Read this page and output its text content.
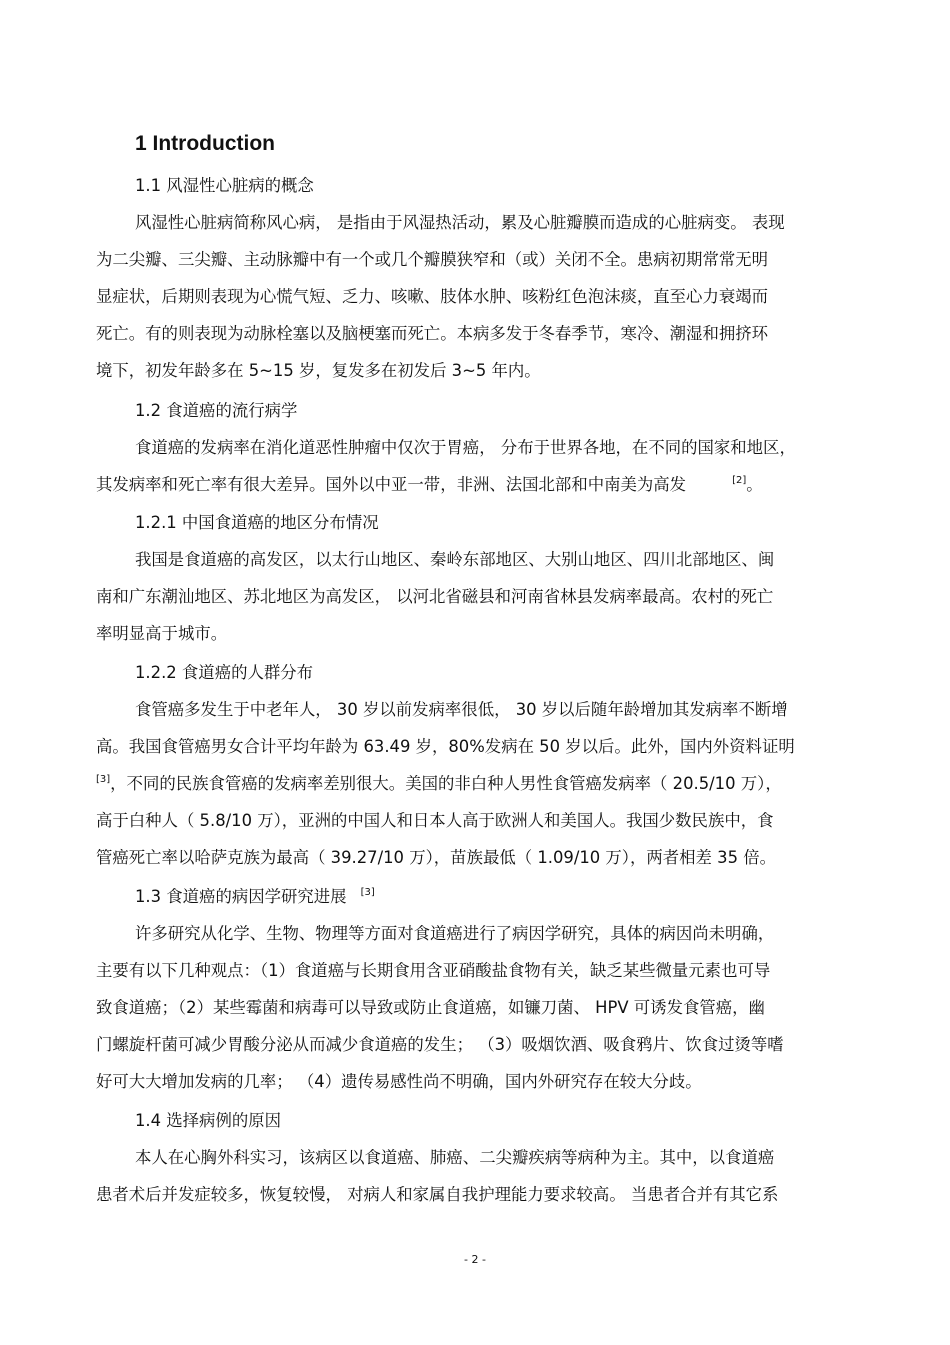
1 Introduction
1.1 风湿性心脏病的概念
风湿性心脏病简称风心病， 是指由于风湿热活动，累及心脏瓣膜而造成的心脏病变。 表现
为二尖瓣、三尖瓣、主动脉瓣中有一个或几个瓣膜狭窄和（或）关闭不全。患病初期常常无明
显症状，后期则表现为心慌气短、乏力、咳嗽、肢体水肿、咳粉红色泡沫痰，直至心力衰竭而
死亡。有的则表现为动脉栓塞以及脑梗塞而死亡。本病多发于冬春季节，寒冷、潮湿和拥挤环
境下，初发年龄多在 5~15 岁，复发多在初发后 3~5 年内。
1.2 食道癌的流行病学
食道癌的发病率在消化道恶性肿瘤中仅次于胃癌， 分布于世界各地，在不同的国家和地区，
其发病率和死亡率有很大差异。国外以中亚一带，非洲、法国北部和中南美为高发	[2]。
1.2.1 中国食道癌的地区分布情况
我国是食道癌的高发区，以太行山地区、秦岭东部地区、大别山地区、四川北部地区、闽
南和广东潮汕地区、苏北地区为高发区， 以河北省磁县和河南省林县发病率最高。农村的死亡
率明显高于城市。
1.2.2 食道癌的人群分布
食管癌多发生于中老年人， 30 岁以前发病率很低， 30 岁以后随年龄增加其发病率不断增
高。我国食管癌男女合计平均年龄为 63.49 岁，80%发病在 50 岁以后。此外，国内外资料证明
[3]，不同的民族食管癌的发病率差别很大。美国的非白种人男性食管癌发病率（ 20.5/10 万），
高于白种人（ 5.8/10 万），亚洲的中国人和日本人高于欧洲人和美国人。我国少数民族中，食
管癌死亡率以哈萨克族为最高（ 39.27/10 万），苗族最低（ 1.09/10 万），两者相差 35 倍。
1.3 食道癌的病因学研究进展 [3]
许多研究从化学、生物、物理等方面对食道癌进行了病因学研究，具体的病因尚未明确，
主要有以下几种观点：（1）食道癌与长期食用含亚硝酸盐食物有关，缺乏某些微量元素也可导
致食道癌；（2）某些霉菌和病毒可以导致或防止食道癌，如镰刀菌、 HPV 可诱发食管癌，幽
门螺旋杆菌可减少胃酸分泌从而减少食道癌的发生； （3）吸烟饮酒、吸食鸦片、饮食过烫等嗜
好可大大增加发病的几率； （4）遗传易感性尚不明确，国内外研究存在较大分歧。
1.4 选择病例的原因
本人在心胸外科实习，该病区以食道癌、肺癌、二尖瓣疾病等病种为主。其中，以食道癌
患者术后并发症较多，恢复较慢， 对病人和家属自我护理能力要求较高。 当患者合并有其它系
- 2 -
